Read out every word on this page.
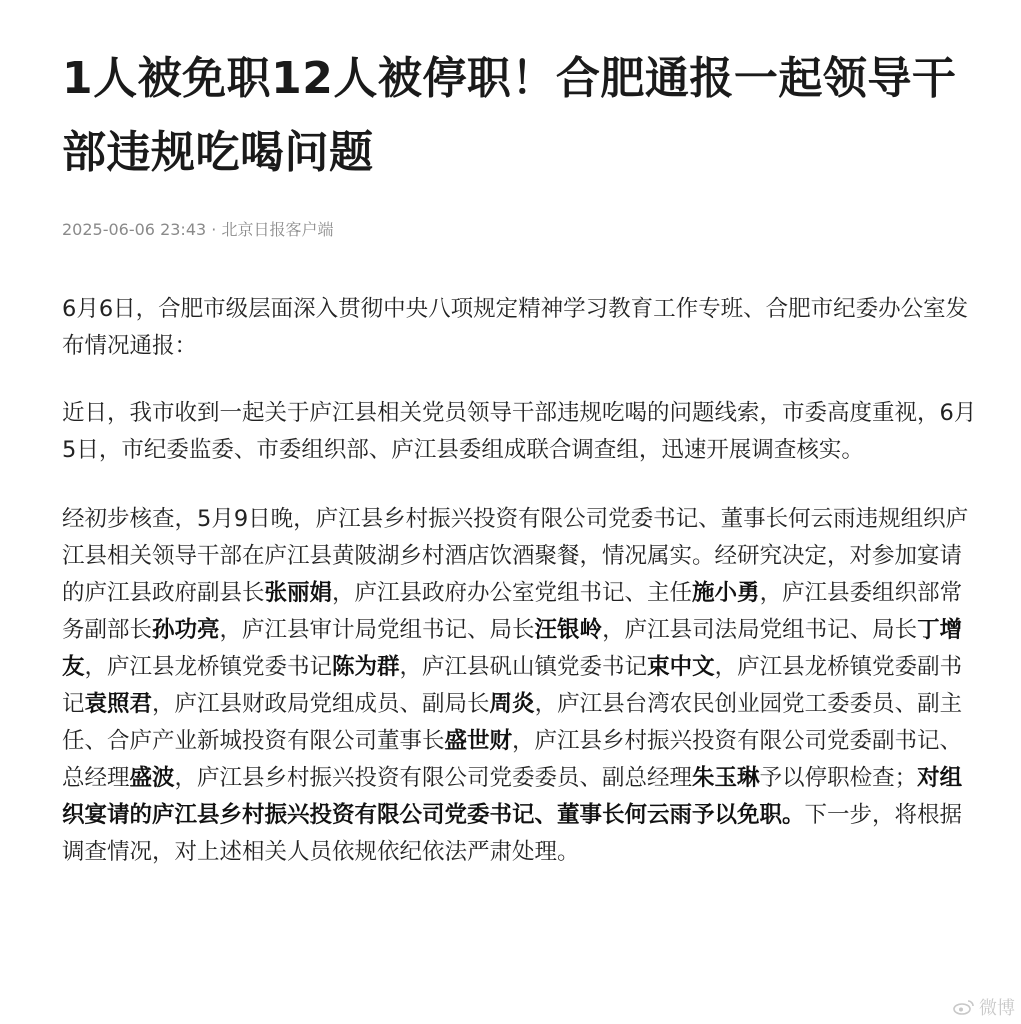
1人被免职12人被停职！合肥通报一起领导干部违规吃喝问题
2025-06-06 23:43 · 北京日报客户端

6月6日，合肥市级层面深入贯彻中央八项规定精神学习教育工作专班、合肥市纪委办公室发布情况通报：

近日，我市收到一起关于庐江县相关党员领导干部违规吃喝的问题线索，市委高度重视，6月5日，市纪委监委、市委组织部、庐江县委组成联合调查组，迅速开展调查核实。

经初步核查，5月9日晚，庐江县乡村振兴投资有限公司党委书记、董事长何云雨违规组织庐江县相关领导干部在庐江县黄陂湖乡村酒店饮酒聚餐，情况属实。经研究决定，对参加宴请的庐江县政府副县长张丽娟，庐江县政府办公室党组书记、主任施小勇，庐江县委组织部常务副部长孙功亮，庐江县审计局党组书记、局长汪银岭，庐江县司法局党组书记、局长丁增友，庐江县龙桥镇党委书记陈为群，庐江县矾山镇党委书记束中文，庐江县龙桥镇党委副书记袁照君，庐江县财政局党组成员、副局长周炎，庐江县台湾农民创业园党工委委员、副主任、合庐产业新城投资有限公司董事长盛世财，庐江县乡村振兴投资有限公司党委副书记、总经理盛波，庐江县乡村振兴投资有限公司党委委员、副总经理朱玉琳予以停职检查；对组织宴请的庐江县乡村振兴投资有限公司党委书记、董事长何云雨予以免职。下一步，将根据调查情况，对上述相关人员依规依纪依法严肃处理。

微博
